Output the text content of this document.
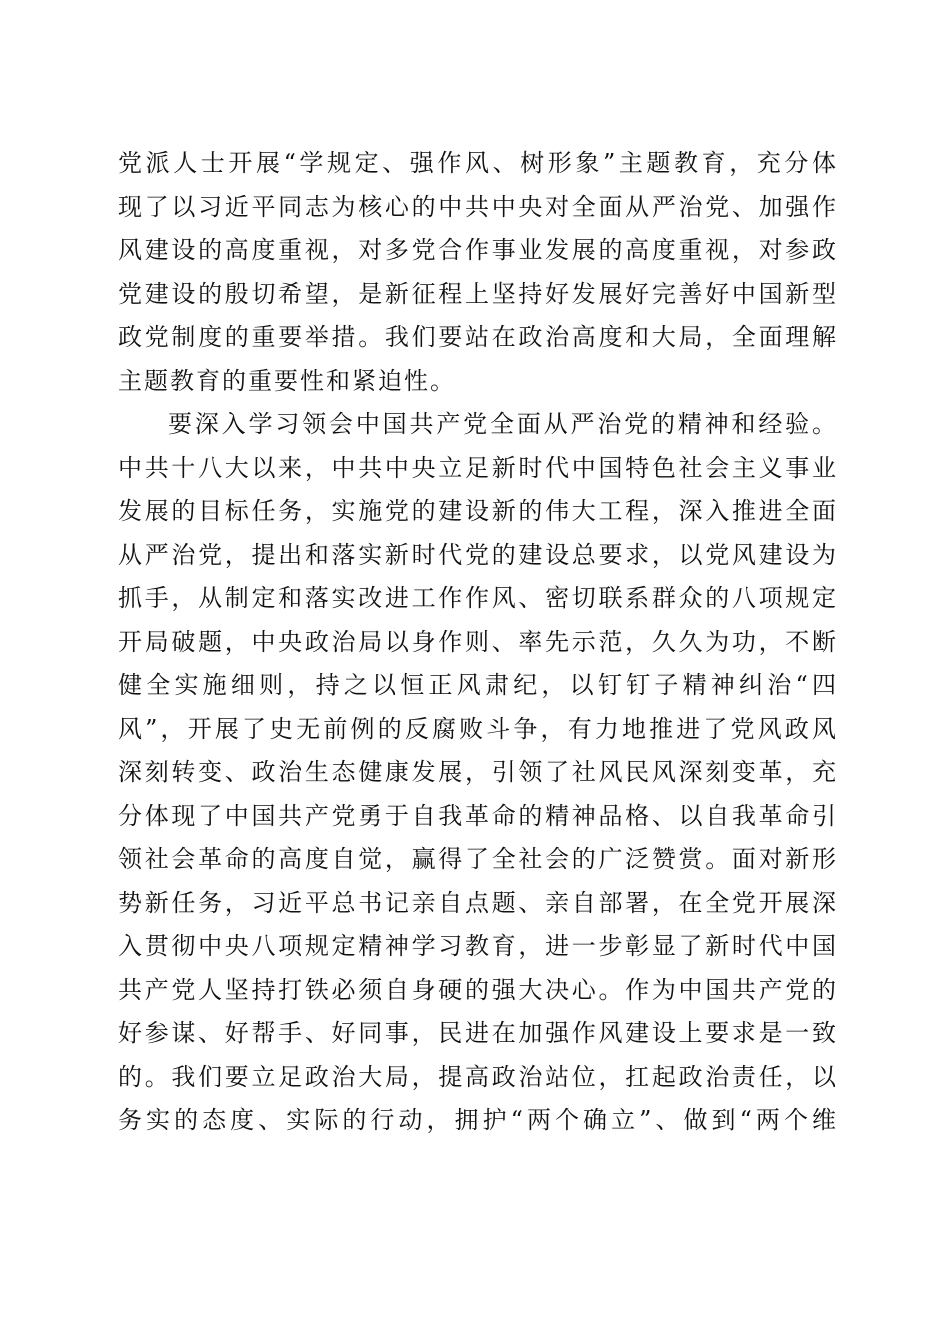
党派人士开展“学规定、强作风、树形象”主题教育，充分体
现了以习近平同志为核心的中共中央对全面从严治党、加强作
风建设的高度重视，对多党合作事业发展的高度重视，对参政
党建设的殷切希望，是新征程上坚持好发展好完善好中国新型
政党制度的重要举措。我们要站在政治高度和大局，全面理解
主题教育的重要性和紧迫性。
要深入学习领会中国共产党全面从严治党的精神和经验。
中共十八大以来，中共中央立足新时代中国特色社会主义事业
发展的目标任务，实施党的建设新的伟大工程，深入推进全面
从严治党，提出和落实新时代党的建设总要求，以党风建设为
抓手，从制定和落实改进工作作风、密切联系群众的八项规定
开局破题，中央政治局以身作则、率先示范，久久为功，不断
健全实施细则，持之以恒正风肃纪，以钉钉子精神纠治“四
风”，开展了史无前例的反腐败斗争，有力地推进了党风政风
深刻转变、政治生态健康发展，引领了社风民风深刻变革，充
分体现了中国共产党勇于自我革命的精神品格、以自我革命引
领社会革命的高度自觉，赢得了全社会的广泛赞赏。面对新形
势新任务，习近平总书记亲自点题、亲自部署，在全党开展深
入贯彻中央八项规定精神学习教育，进一步彰显了新时代中国
共产党人坚持打铁必须自身硬的强大决心。作为中国共产党的
好参谋、好帮手、好同事，民进在加强作风建设上要求是一致
的。我们要立足政治大局，提高政治站位，扛起政治责任，以
务实的态度、实际的行动，拥护“两个确立”、做到“两个维
